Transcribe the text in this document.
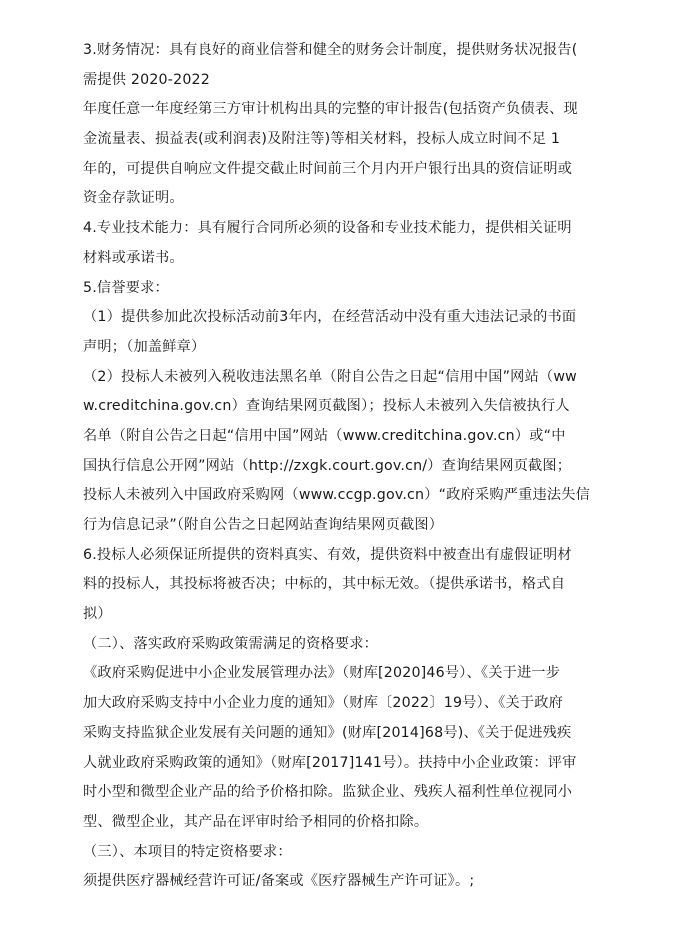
3.财务情况：具有良好的商业信誉和健全的财务会计制度，提供财务状况报告(
需提供 2020-2022
年度任意一年度经第三方审计机构出具的完整的审计报告(包括资产负债表、现
金流量表、损益表(或利润表)及附注等)等相关材料，投标人成立时间不足 1
年的，可提供自响应文件提交截止时间前三个月内开户银行出具的资信证明或
资金存款证明。
4.专业技术能力：具有履行合同所必须的设备和专业技术能力，提供相关证明
材料或承诺书。
5.信誉要求：
（1）提供参加此次投标活动前3年内，在经营活动中没有重大违法记录的书面
声明；（加盖鲜章）
（2）投标人未被列入税收违法黑名单（附自公告之日起“信用中国”网站（ww
w.creditchina.gov.cn）查询结果网页截图）；投标人未被列入失信被执行人
名单（附自公告之日起“信用中国”网站（www.creditchina.gov.cn）或“中
国执行信息公开网”网站（http://zxgk.court.gov.cn/）查询结果网页截图；
投标人未被列入中国政府采购网（www.ccgp.gov.cn）“政府采购严重违法失信
行为信息记录”（附自公告之日起网站查询结果网页截图）
6.投标人必须保证所提供的资料真实、有效，提供资料中被查出有虚假证明材
料的投标人，其投标将被否决；中标的，其中标无效。（提供承诺书，格式自
拟）
（二）、落实政府采购政策需满足的资格要求：
《政府采购促进中小企业发展管理办法》（财库[2020]46号）、《关于进一步
加大政府采购支持中小企业力度的通知》（财库〔2022〕19号）、《关于政府
采购支持监狱企业发展有关问题的通知》(财库[2014]68号)、《关于促进残疾
人就业政府采购政策的通知》（财库[2017]141号）。扶持中小企业政策：评审
时小型和微型企业产品的给予价格扣除。监狱企业、残疾人福利性单位视同小
型、微型企业，其产品在评审时给予相同的价格扣除。
（三）、本项目的特定资格要求：
须提供医疗器械经营许可证/备案或《医疗器械生产许可证》。;
